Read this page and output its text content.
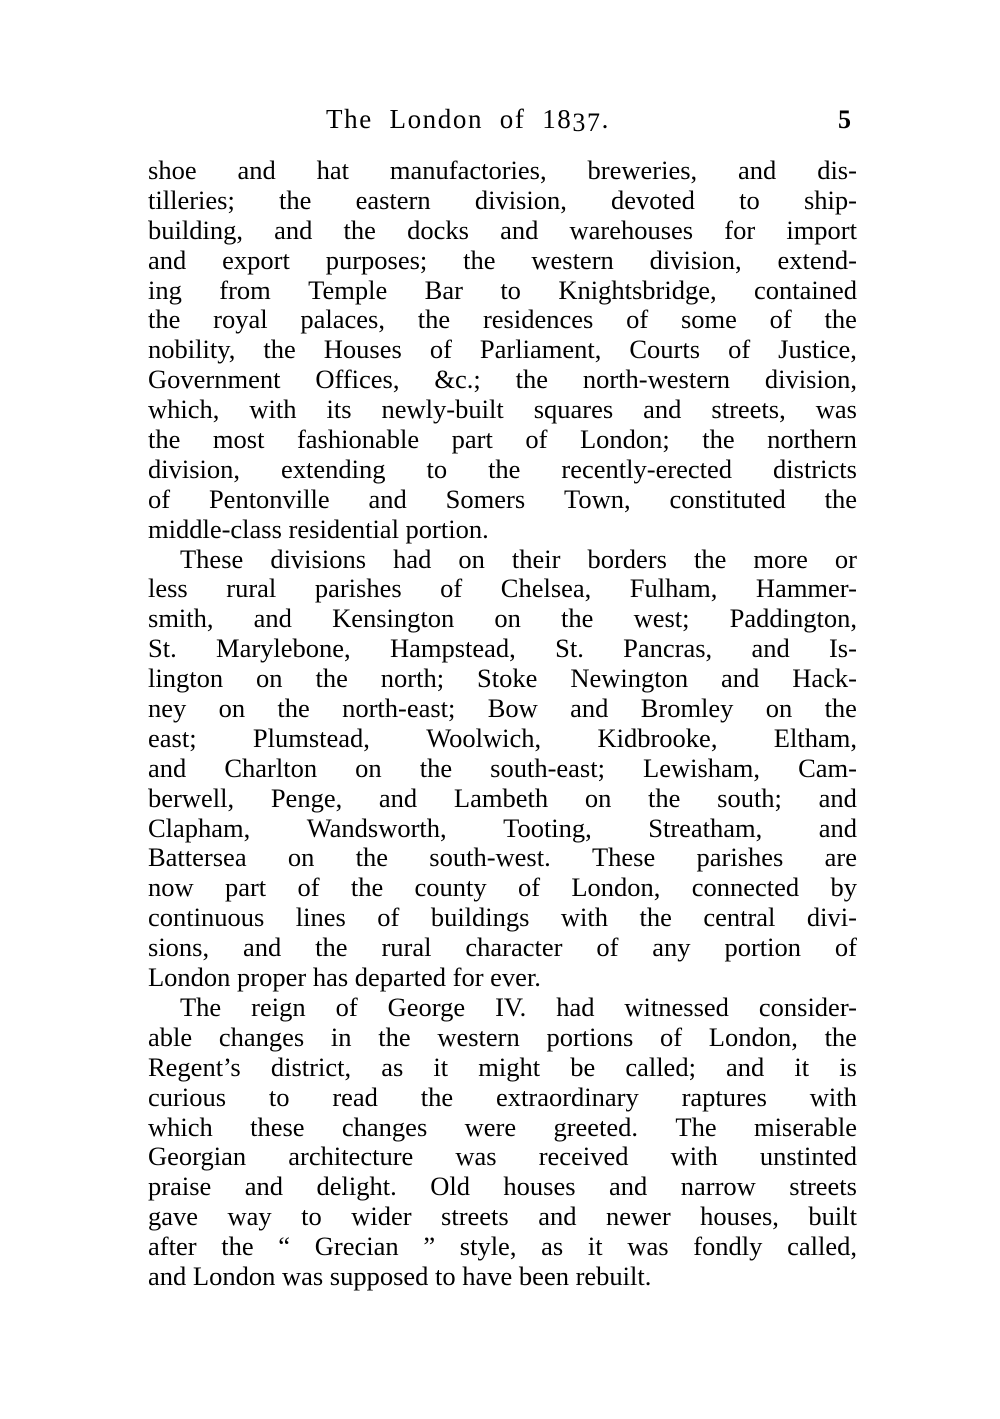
The  London  of  1837.	5
shoe and hat manufactories, breweries, and dis-
tilleries; the eastern division, devoted to ship-
building, and the docks and warehouses for import
and export purposes; the western division, extend-
ing from Temple Bar to Knightsbridge, contained
the royal palaces, the residences of some of the
nobility, the Houses of Parliament, Courts of Justice,
Government Offices, &c.; the north-western division,
which, with its newly-built squares and streets, was
the most fashionable part of London; the northern
division, extending to the recently-erected districts
of Pentonville and Somers Town, constituted the
middle-class residential portion.
These divisions had on their borders the more or
less rural parishes of Chelsea, Fulham, Hammer-
smith, and Kensington on the west; Paddington,
St. Marylebone, Hampstead, St. Pancras, and Is-
lington on the north; Stoke Newington and Hack-
ney on the north-east; Bow and Bromley on the
east; Plumstead, Woolwich, Kidbrooke, Eltham,
and Charlton on the south-east; Lewisham, Cam-
berwell, Penge, and Lambeth on the south; and
Clapham, Wandsworth, Tooting, Streatham, and
Battersea on the south-west. These parishes are
now part of the county of London, connected by
continuous lines of buildings with the central divi-
sions, and the rural character of any portion of
London proper has departed for ever.
The reign of George IV. had witnessed consider-
able changes in the western portions of London, the
Regent’s district, as it might be called; and it is
curious to read the extraordinary raptures with
which these changes were greeted. The miserable
Georgian architecture was received with unstinted
praise and delight. Old houses and narrow streets
gave way to wider streets and newer houses, built
after the “ Grecian ” style, as it was fondly called,
and London was supposed to have been rebuilt.
